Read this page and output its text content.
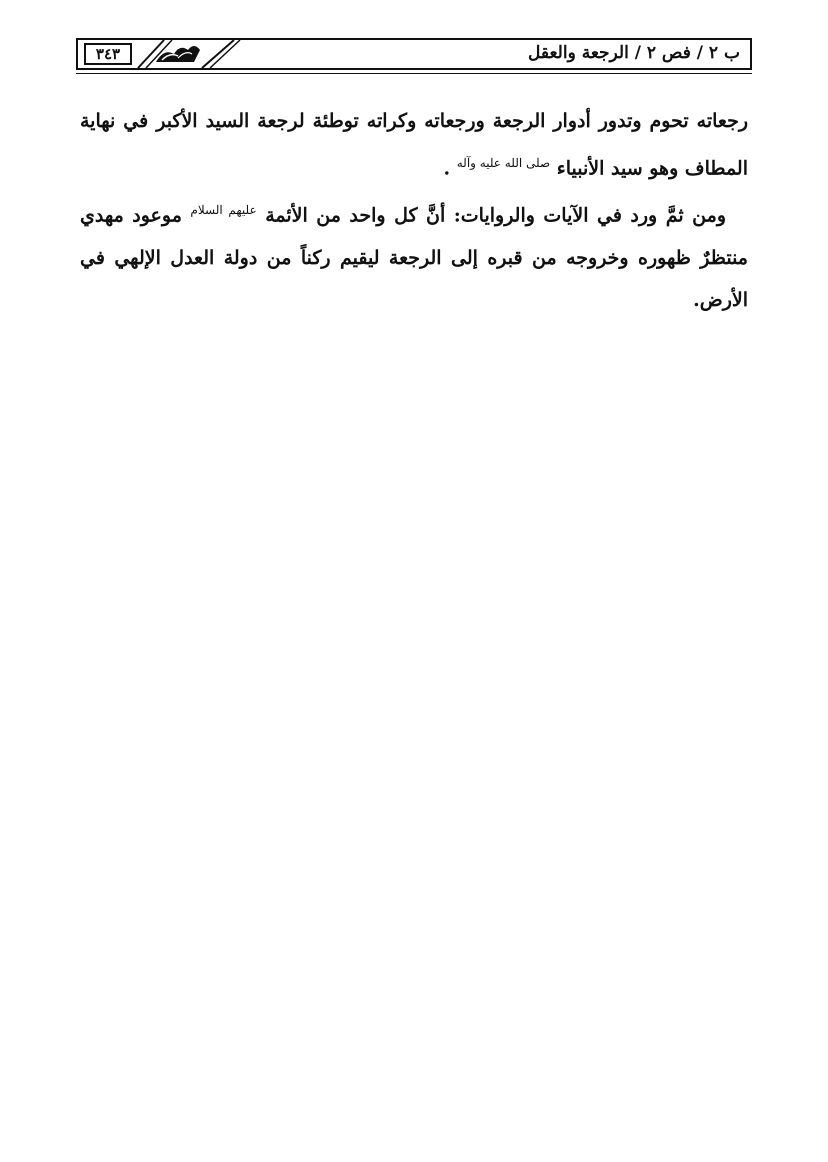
ب ٢ / فص ٢ / الرجعة والعقل
٣٤٣

رجعاته تحوم وتدور أدوار الرجعة ورجعاته وكراته توطئة لرجعة السيد الأكبر في نهاية المطاف وهو سيد الأنبياء $^{صلى الله عليه وآله}$ .

ومن ثمَّ ورد في الآيات والروايات: أنَّ كل واحد من الأئمة $^{عليهم السلام}$ موعود مهدي منتظرٌ ظهوره وخروجه من قبره إلى الرجعة ليقيم ركناً من دولة العدل الإلهي في الأرض.
